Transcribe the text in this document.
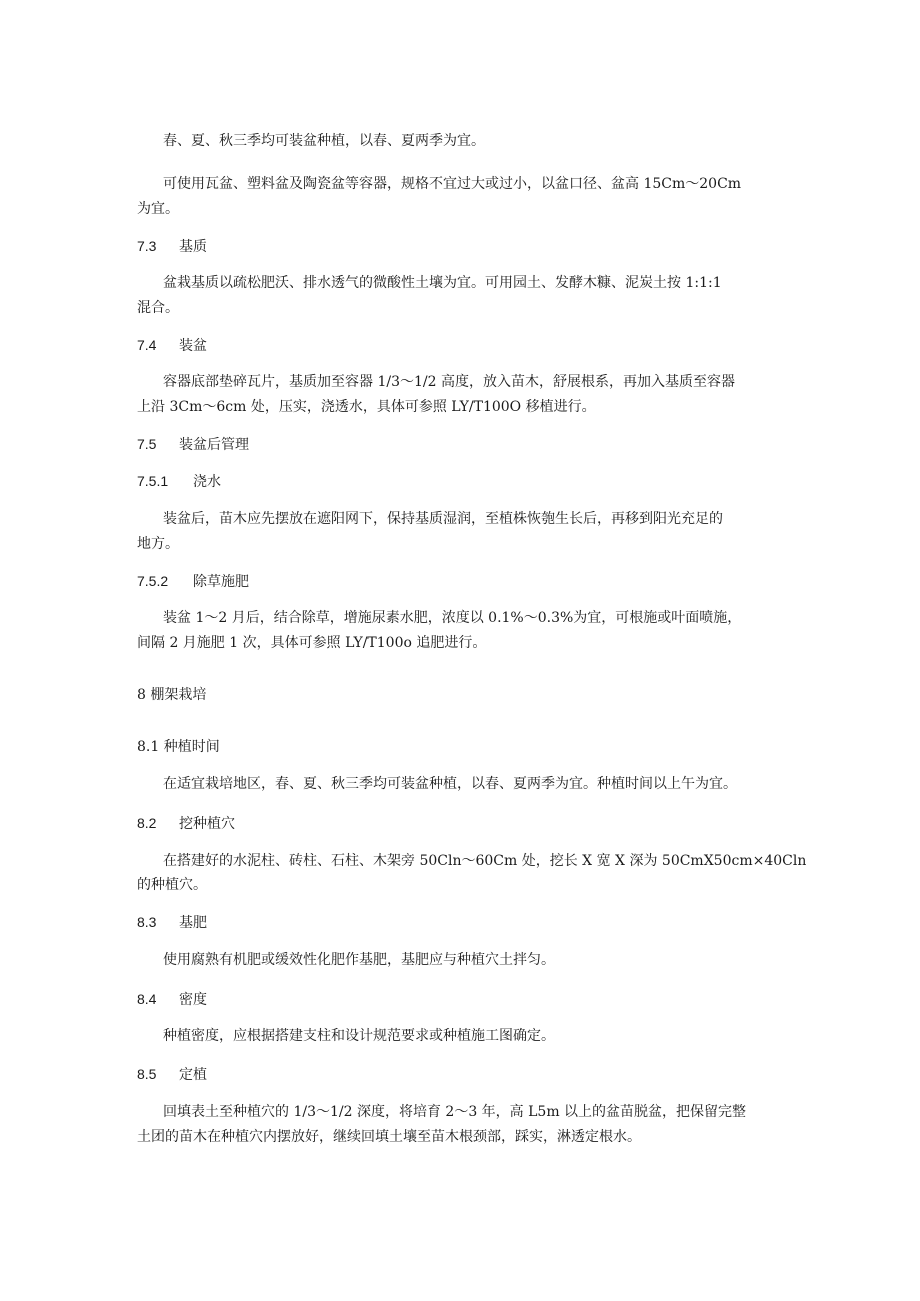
春、夏、秋三季均可装盆种植，以春、夏两季为宜。
可使用瓦盆、塑料盆及陶瓷盆等容器，规格不宜过大或过小，以盆口径、盆高 15Cm～20Cm
为宜。
7.3 基质
盆栽基质以疏松肥沃、排水透气的微酸性土壤为宜。可用园土、发酵木糠、泥炭土按 1:1:1
混合。
7.4 装盆
容器底部垫碎瓦片，基质加至容器 1/3～1/2 高度，放入苗木，舒展根系，再加入基质至容器
上沿 3Cm～6cm 处，压实，浇透水，具体可参照 LY/T100O 移植进行。
7.5 装盆后管理
7.5.1 浇水
装盆后，苗木应先摆放在遮阳网下，保持基质湿润，至植株恢匏生长后，再移到阳光充足的
地方。
7.5.2 除草施肥
装盆 1～2 月后，结合除草，增施尿素水肥，浓度以 0.1%～0.3%为宜，可根施或叶面喷施，
间隔 2 月施肥 1 次，具体可参照 LY/T100o 追肥进行。
8 棚架栽培
8.1 种植时间
在适宜栽培地区，春、夏、秋三季均可装盆种植，以春、夏两季为宜。种植时间以上午为宜。
8.2 挖种植穴
在搭建好的水泥柱、砖柱、石柱、木架旁 50Cln～60Cm 处，挖长 X 宽 X 深为 50CmX50cm×40Cln
的种植穴。
8.3 基肥
使用腐熟有机肥或缓效性化肥作基肥，基肥应与种植穴土拌匀。
8.4 密度
种植密度，应根据搭建支柱和设计规范要求或种植施工图确定。
8.5 定植
回填表土至种植穴的 1/3～1/2 深度，将培育 2～3 年，高 L5m 以上的盆苗脱盆，把保留完整
土团的苗木在种植穴内摆放好，继续回填土壤至苗木根颈部，踩实，淋透定根水。
